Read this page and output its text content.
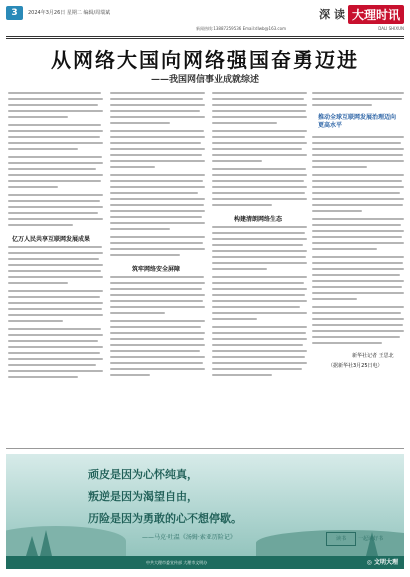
3	2024年3月26日 星期二 编辑/周瑞斌
新闻热线:13887259536 Email:dlwb@163.com
深 读 大理时讯
DALI SHIXUN
从网络大国向网络强国奋勇迈进
——我国网信事业成就综述
亿万人民共享互联网发展成果
筑牢网络安全屏障
构建清朗网络生态
推动全球互联网发展治理迈向更高水平
新华社记者 王思北
（据新华社3月25日电）
顽皮是因为心怀纯真，
叛逆是因为渴望自由，
历险是因为勇敢的心不想停歇。
——马克·吐温《汤姆·索亚历险记》	读书	一起读好书
中共大理市委宣传部 大理市文明办	◎ 文明大理
